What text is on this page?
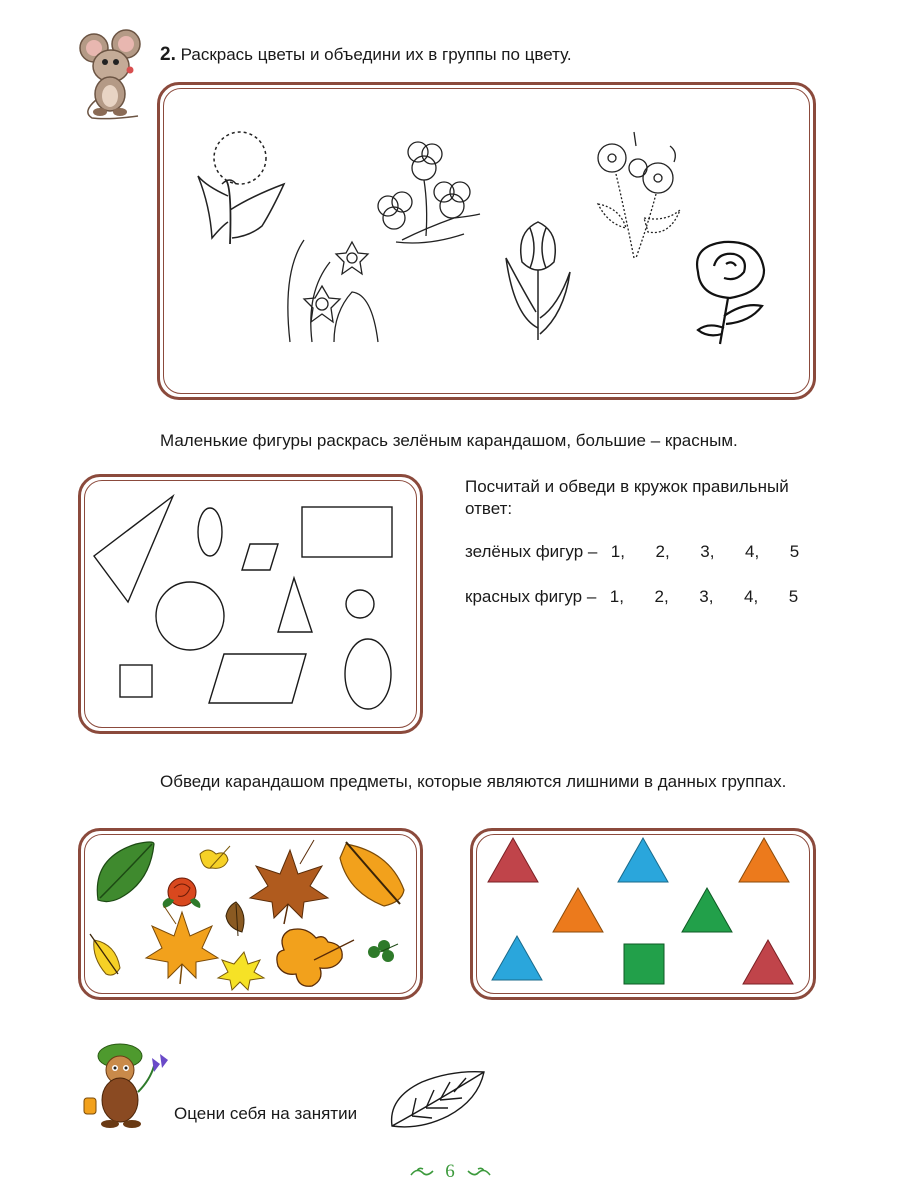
2. Раскрась цветы и объедини их в группы по цвету.
Маленькие фигуры раскрась зелёным карандашом, большие – красным.
Посчитай и обведи в кружок правильный ответ:
зелёных фигур – 1, 2, 3, 4, 5
красных фигур – 1, 2, 3, 4, 5
Обведи карандашом предметы, которые являются лишними в данных группах.
Оцени себя на занятии
6
